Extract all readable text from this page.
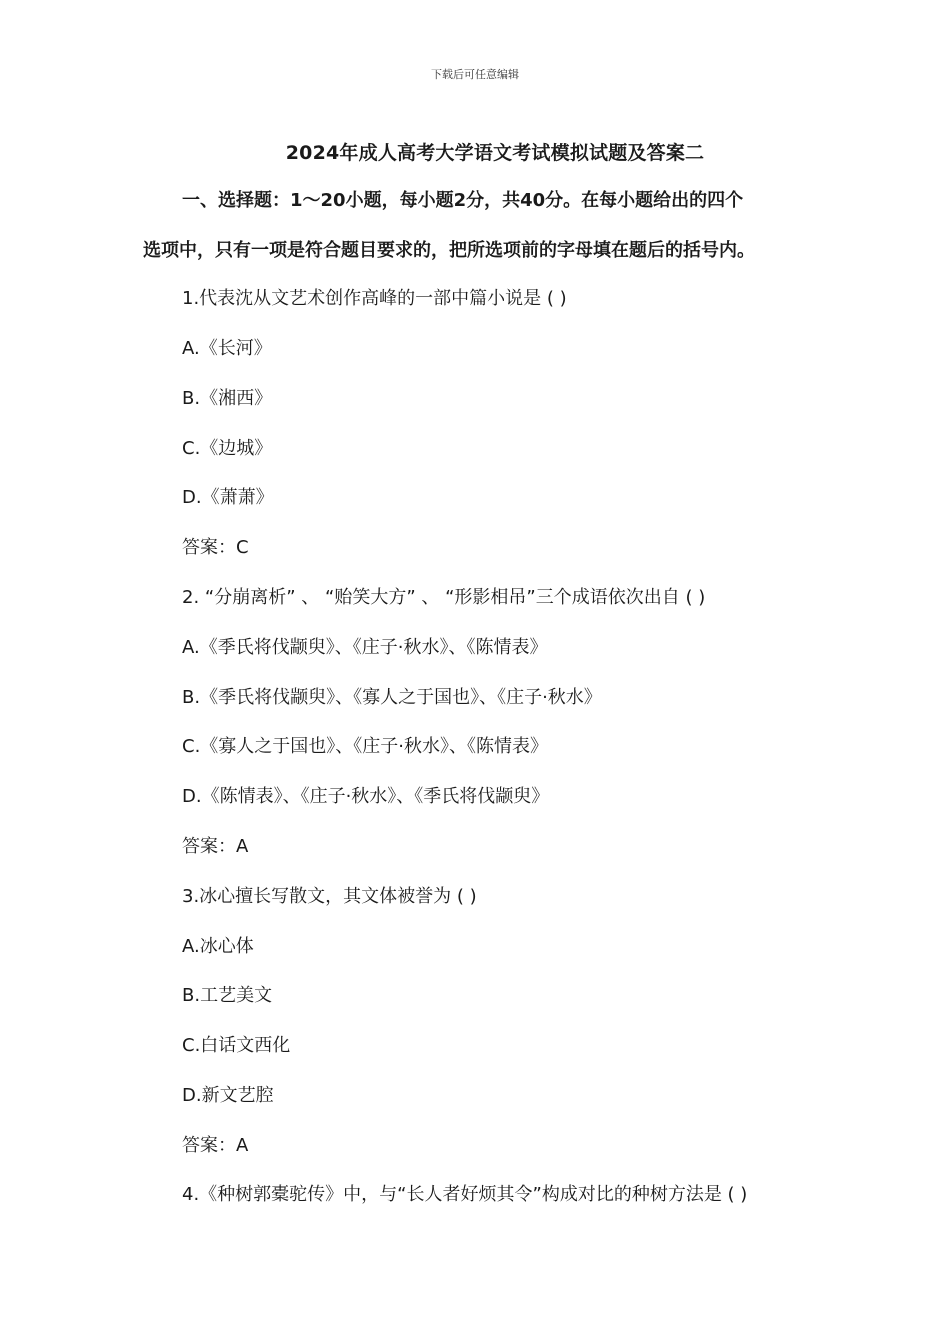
下载后可任意编辑
2024年成人高考大学语文考试模拟试题及答案二
一、选择题：1～20小题，每小题2分，共40分。在每小题给出的四个
选项中，只有一项是符合题目要求的，把所选项前的字母填在题后的括号内。
1.代表沈从文艺术创作高峰的一部中篇小说是 ( )
A.《长河》
B.《湘西》
C.《边城》
D.《萧萧》
答案：C
2. “分崩离析” 、 “贻笑大方” 、 “形影相吊”三个成语依次出自 ( )
A.《季氏将伐颛臾》、《庄子·秋水》、《陈情表》
B.《季氏将伐颛臾》、《寡人之于国也》、《庄子·秋水》
C.《寡人之于国也》、《庄子·秋水》、《陈情表》
D.《陈情表》、《庄子·秋水》、《季氏将伐颛臾》
答案：A
3.冰心擅长写散文，其文体被誉为 ( )
A.冰心体
B.工艺美文
C.白话文西化
D.新文艺腔
答案：A
4.《种树郭橐驼传》中，与“长人者好烦其令”构成对比的种树方法是 ( )
